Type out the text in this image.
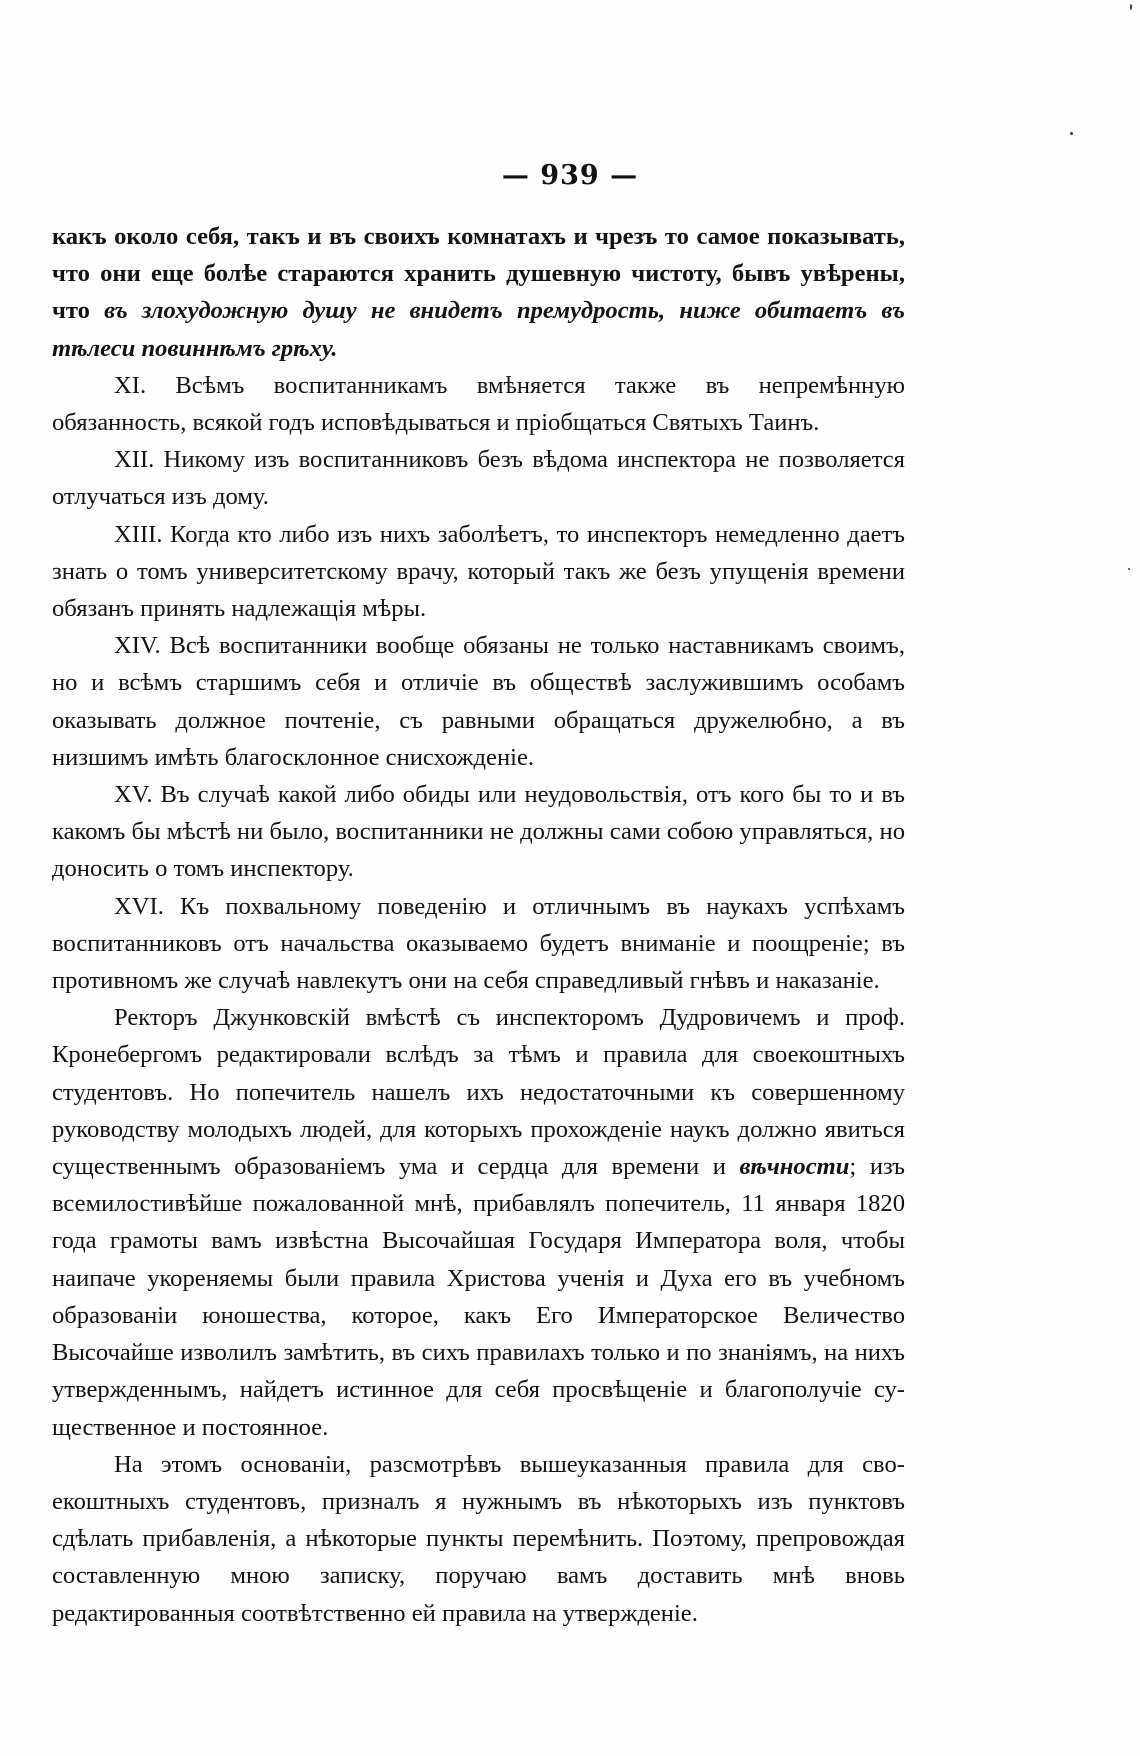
— 939 —

какъ около себя, такъ и въ своихъ комнатахъ и чрезъ то самое показывать, что они еще болѣе стараются хранить душевную чистоту, бывъ увѣрены, что въ злохудожную душу не внидетъ премудрость, ниже обитаетъ въ тѣлеси повиннѣмъ грѣху.

XI. Всѣмъ воспитанникамъ вмѣняется также въ непремѣнную обязанность, всякой годъ исповѣдываться и пріобщаться Святыхъ Таинъ.

XII. Никому изъ воспитанниковъ безъ вѣдома инспектора не позволяется отлучаться изъ дому.

XIII. Когда кто либо изъ нихъ заболѣетъ, то инспекторъ немедленно даетъ знать о томъ университетскому врачу, который такъ же безъ упущенія времени обязанъ принять надлежащія мѣры.

XIV. Всѣ воспитанники вообще обязаны не только наставникамъ своимъ, но и всѣмъ старшимъ себя и отличіе въ обществѣ заслужившимъ особамъ оказывать должное почтеніе, съ равными обращаться дружелюбно, а въ низшимъ имѣть благосклонное снисхожденіе.

XV. Въ случаѣ какой либо обиды или неудовольствія, отъ кого бы то и въ какомъ бы мѣстѣ ни было, воспитанники не должны сами собою управляться, но доносить о томъ инспектору.

XVI. Къ похвальному поведенію и отличнымъ въ наукахъ успѣхамъ воспитанниковъ отъ начальства оказываемо будетъ вниманіе и поощреніе; въ противномъ же случаѣ навлекутъ они на себя справедливый гнѣвъ и наказаніе.

Ректоръ Джунковскій вмѣстѣ съ инспекторомъ Дудровичемъ и проф. Кронебергомъ редактировали вслѣдъ за тѣмъ и правила для своекоштныхъ студентовъ. Но попечитель нашелъ ихъ недостаточными къ совершенному руководству молодыхъ людей, для которыхъ прохожденіе наукъ должно явиться существеннымъ образованіемъ ума и сердца для времени и вѣчности; изъ всемилостивѣйше пожалованной мнѣ, прибавлялъ попечитель, 11 января 1820 года грамоты вамъ извѣстна Высочайшая Государя Императора воля, чтобы наипаче укореняемы были правила Христова ученія и Духа его въ учебномъ образованіи юношества, которое, какъ Его Императорское Величество Высочайше изволилъ замѣтить, въ сихъ правилахъ только и по знаніямъ, на нихъ утвержденнымъ, найдетъ истинное для себя просвѣщеніе и благополучіе существенное и постоянное.

На этомъ основаніи, разсмотрѣвъ вышеуказанныя правила для своекоштныхъ студентовъ, призналъ я нужнымъ въ нѣкоторыхъ изъ пунктовъ сдѣлать прибавленія, а нѣкоторые пункты перемѣнить. Поэтому, препровождая составленную мною записку, поручаю вамъ доставить мнѣ вновь редактированныя соотвѣтственно ей правила на утвержденіе.
